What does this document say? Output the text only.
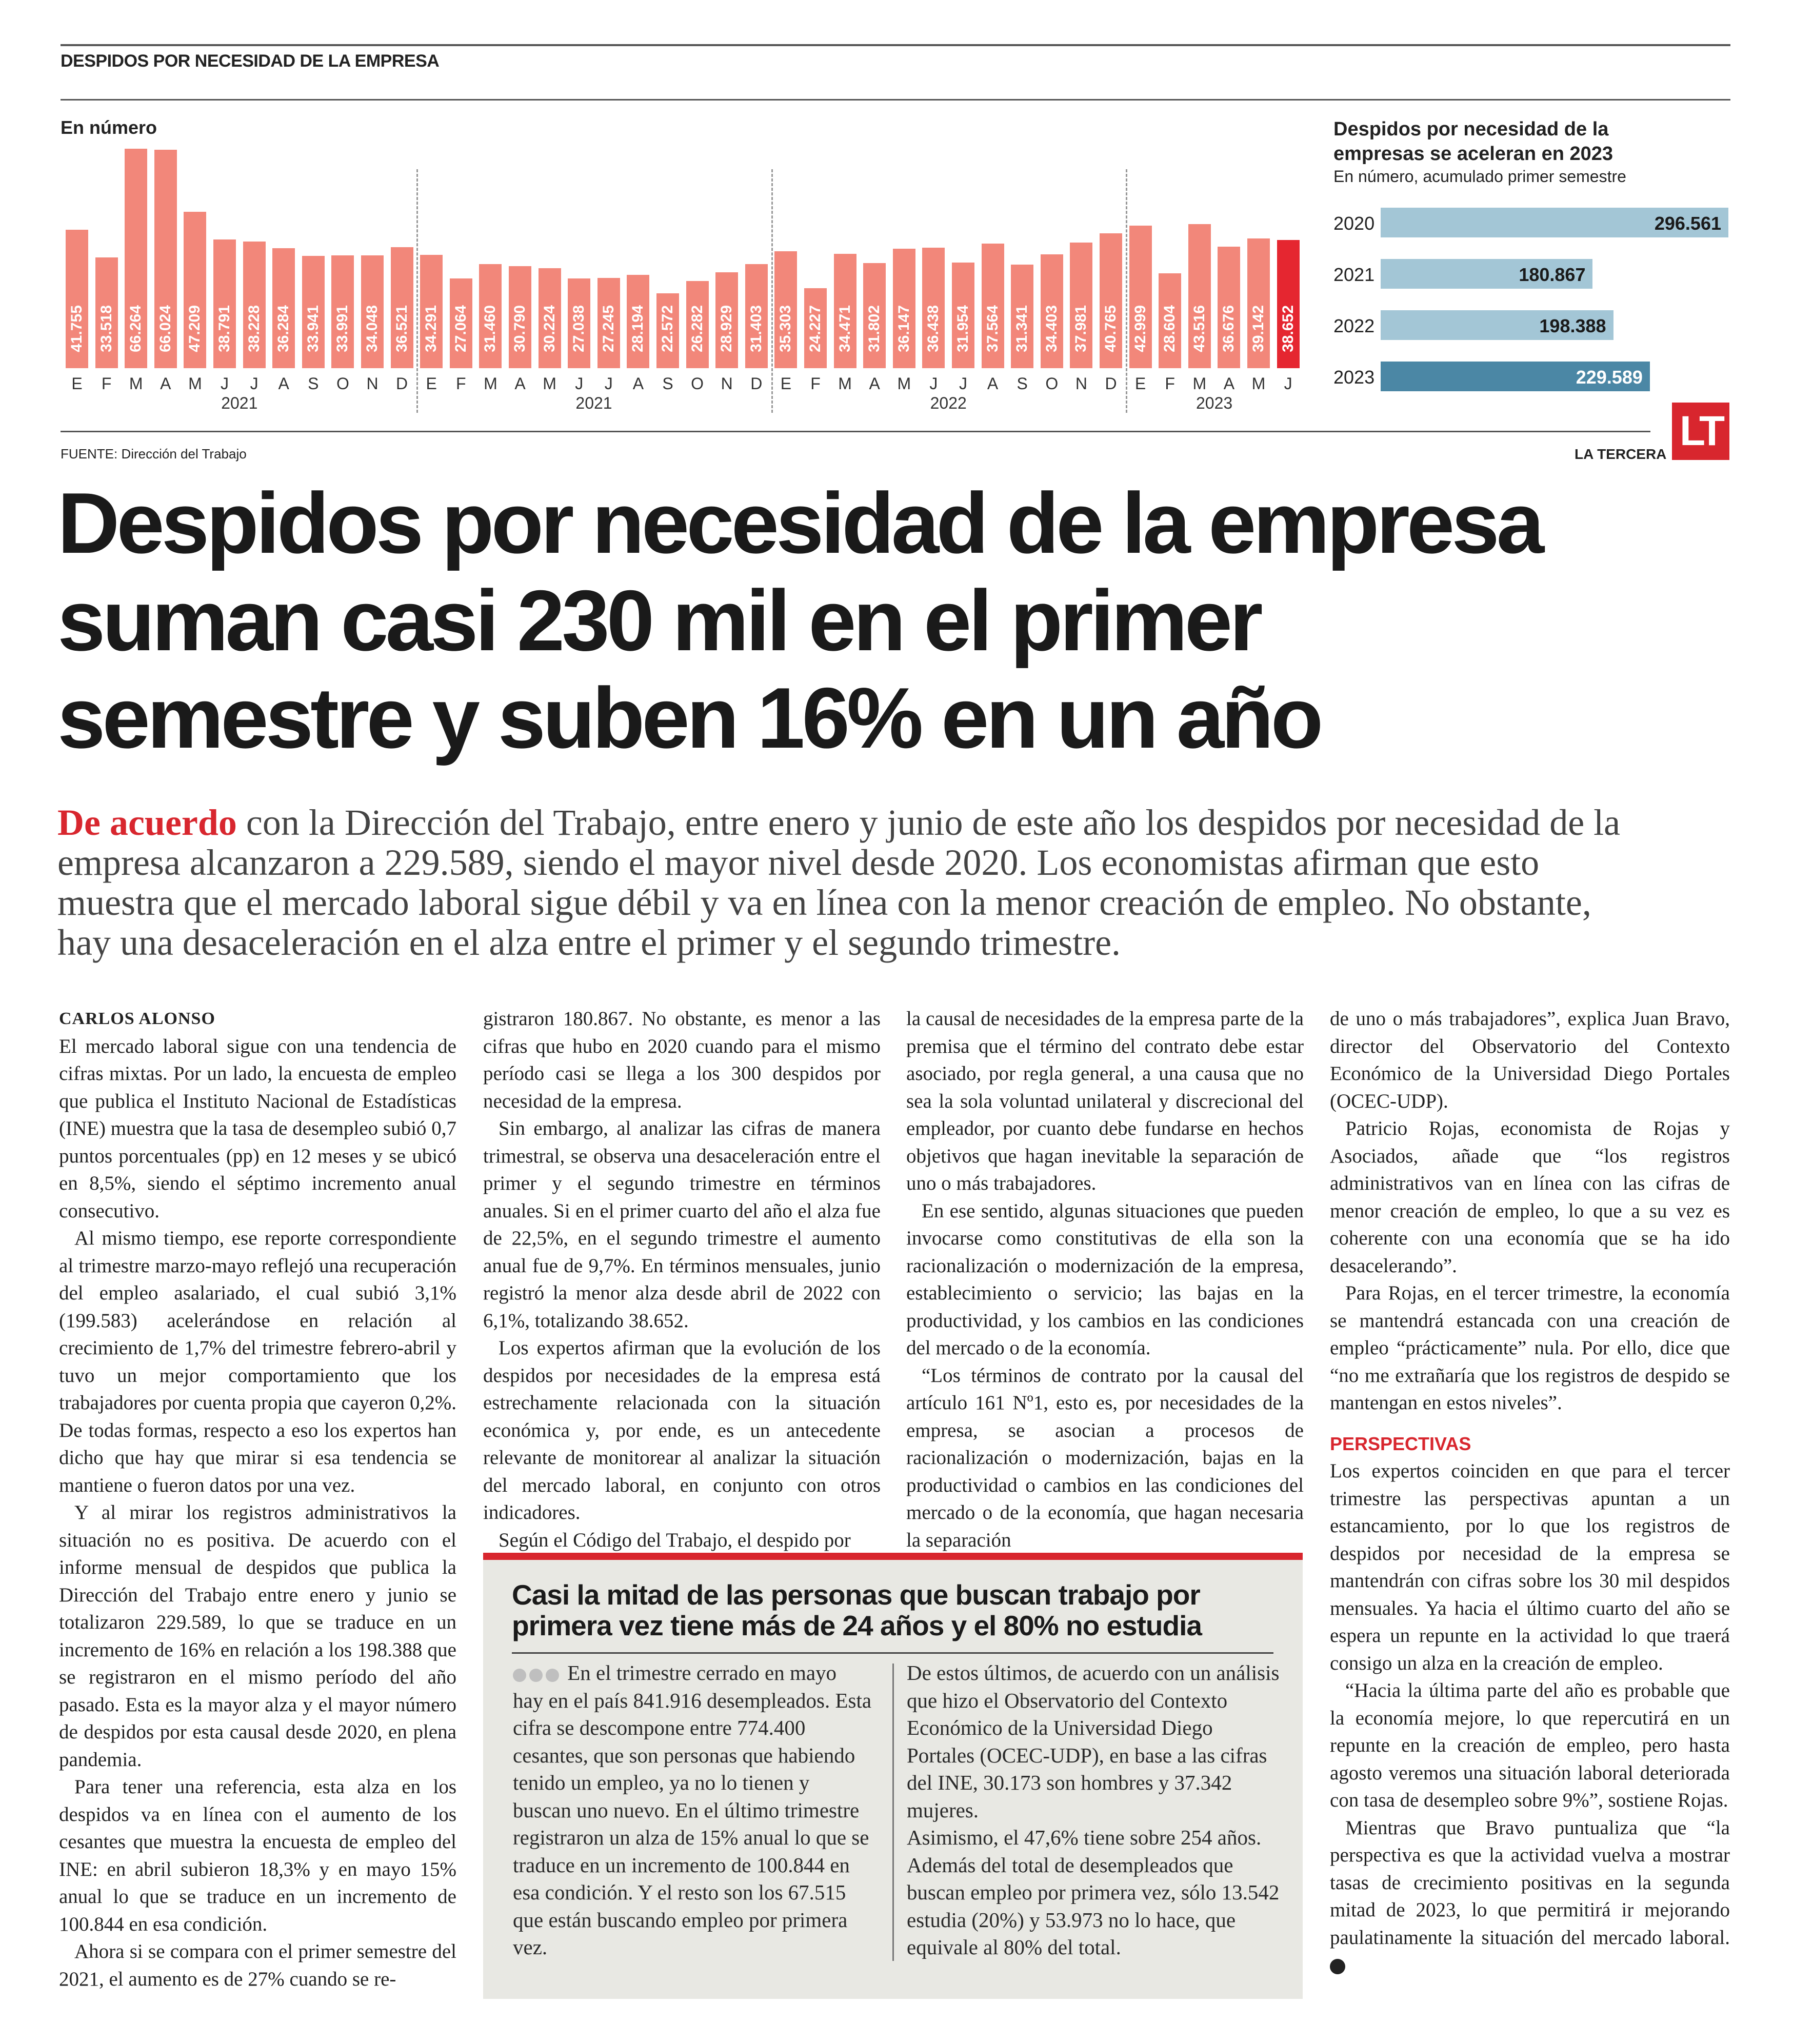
DESPIDOS POR NECESIDAD DE LA EMPRESA
En número
41.755
E
33.518
F
66.264
M
66.024
A
47.209
M
38.791
J
38.228
J
36.284
A
33.941
S
33.991
O
34.048
N
36.521
D
34.291
E
27.064
F
31.460
M
30.790
A
30.224
M
27.038
J
27.245
J
28.194
A
22.572
S
26.282
O
28.929
N
31.403
D
35.303
E
24.227
F
34.471
M
31.802
A
36.147
M
36.438
J
31.954
J
37.564
A
31.341
S
34.403
O
37.981
N
40.765
D
42.999
E
28.604
F
43.516
M
36.676
A
39.142
M
38.652
J
2021	2021	2022	2023
Despidos por necesidad de la empresas se aceleran en 2023
En número, acumulado primer semestre
2020	296.561
2021	180.867
2022	198.388
2023	229.589
FUENTE: Dirección del Trabajo	LA TERCERA LT
Despidos por necesidad de la empresa
suman casi 230 mil en el primer
semestre y suben 16% en un año
De acuerdo con la Dirección del Trabajo, entre enero y junio de este año los despidos por necesidad de la
empresa alcanzaron a 229.589, siendo el mayor nivel desde 2020. Los economistas afirman que esto
muestra que el mercado laboral sigue débil y va en línea con la menor creación de empleo. No obstante,
hay una desaceleración en el alza entre el primer y el segundo trimestre.

CARLOS ALONSO

El mercado laboral sigue con una tendencia de cifras mixtas. Por un lado, la encuesta de empleo que publica el Instituto Nacional de Estadísticas (INE) muestra que la tasa de desempleo subió 0,7 puntos porcentuales (pp) en 12 meses y se ubicó en 8,5%, siendo el séptimo incremento anual consecutivo.

Al mismo tiempo, ese reporte correspondiente al trimestre marzo-mayo reflejó una recuperación del empleo asalariado, el cual subió 3,1% (199.583) acelerándose en relación al crecimiento de 1,7% del trimestre febrero-abril y tuvo un mejor comportamiento que los trabajadores por cuenta propia que cayeron 0,2%. De todas formas, respecto a eso los expertos han dicho que hay que mirar si esa tendencia se mantiene o fueron datos por una vez.

Y al mirar los registros administrativos la situación no es positiva. De acuerdo con el informe mensual de despidos que publica la Dirección del Trabajo entre enero y junio se totalizaron 229.589, lo que se traduce en un incremento de 16% en relación a los 198.388 que se registraron en el mismo período del año pasado. Esta es la mayor alza y el mayor número de despidos por esta causal desde 2020, en plena pandemia.

Para tener una referencia, esta alza en los despidos va en línea con el aumento de los cesantes que muestra la encuesta de empleo del INE: en abril subieron 18,3% y en mayo 15% anual lo que se traduce en un incremento de 100.844 en esa condición.

Ahora si se compara con el primer semestre del 2021, el aumento es de 27% cuando se re-

gistraron 180.867. No obstante, es menor a las cifras que hubo en 2020 cuando para el mismo período casi se llega a los 300 despidos por necesidad de la empresa.

Sin embargo, al analizar las cifras de manera trimestral, se observa una desaceleración entre el primer y el segundo trimestre en términos anuales. Si en el primer cuarto del año el alza fue de 22,5%, en el segundo trimestre el aumento anual fue de 9,7%. En términos mensuales, junio registró la menor alza desde abril de 2022 con 6,1%, totalizando 38.652.

Los expertos afirman que la evolución de los despidos por necesidades de la empresa está estrechamente relacionada con la situación económica y, por ende, es un antecedente relevante de monitorear al analizar la situación del mercado laboral, en conjunto con otros indicadores.

Según el Código del Trabajo, el despido por

la causal de necesidades de la empresa parte de la premisa que el término del contrato debe estar asociado, por regla general, a una causa que no sea la sola voluntad unilateral y discrecional del empleador, por cuanto debe fundarse en hechos objetivos que hagan inevitable la separación de uno o más trabajadores.

En ese sentido, algunas situaciones que pueden invocarse como constitutivas de ella son la racionalización o modernización de la empresa, establecimiento o servicio; las bajas en la productividad, y los cambios en las condiciones del mercado o de la economía.

“Los términos de contrato por la causal del artículo 161 Nº1, esto es, por necesidades de la empresa, se asocian a procesos de racionalización o modernización, bajas en la productividad o cambios en las condiciones del mercado o de la economía, que hagan necesaria la separación

de uno o más trabajadores”, explica Juan Bravo, director del Observatorio del Contexto Económico de la Universidad Diego Portales (OCEC-UDP).

Patricio Rojas, economista de Rojas y Asociados, añade que “los registros administrativos van en línea con las cifras de menor creación de empleo, lo que a su vez es coherente con una economía que se ha ido desacelerando”.

Para Rojas, en el tercer trimestre, la economía se mantendrá estancada con una creación de empleo “prácticamente” nula. Por ello, dice que “no me extrañaría que los registros de despido se mantengan en estos niveles”.

PERSPECTIVAS

Los expertos coinciden en que para el tercer trimestre las perspectivas apuntan a un estancamiento, por lo que los registros de despidos por necesidad de la empresa se mantendrán con cifras sobre los 30 mil despidos mensuales. Ya hacia el último cuarto del año se espera un repunte en la actividad lo que traerá consigo un alza en la creación de empleo.

“Hacia la última parte del año es probable que la economía mejore, lo que repercutirá en un repunte en la creación de empleo, pero hasta agosto veremos una situación laboral deteriorada con tasa de desempleo sobre 9%”, sostiene Rojas.

Mientras que Bravo puntualiza que “la perspectiva es que la actividad vuelva a mostrar tasas de crecimiento positivas en la segunda mitad de 2023, lo que permitirá ir mejorando paulatinamente la situación del mercado laboral. ●

Casi la mitad de las personas que buscan trabajo por
primera vez tiene más de 24 años y el 80% no estudia

En el trimestre cerrado en mayo hay en el país 841.916 desempleados. Esta cifra se descompone entre 774.400 cesantes, que son personas que habiendo tenido un empleo, ya no lo tienen y buscan uno nuevo. En el último trimestre registraron un alza de 15% anual lo que se traduce en un incremento de 100.844 en esa condición. Y el resto son los 67.515 que están buscando empleo por primera vez.

De estos últimos, de acuerdo con un análisis que hizo el Observatorio del Contexto Económico de la Universidad Diego Portales (OCEC-UDP), en base a las cifras del INE, 30.173 son hombres y 37.342 mujeres.

Asimismo, el 47,6% tiene sobre 254 años. Además del total de desempleados que buscan empleo por primera vez, sólo 13.542 estudia (20%) y 53.973 no lo hace, que equivale al 80% del total.
